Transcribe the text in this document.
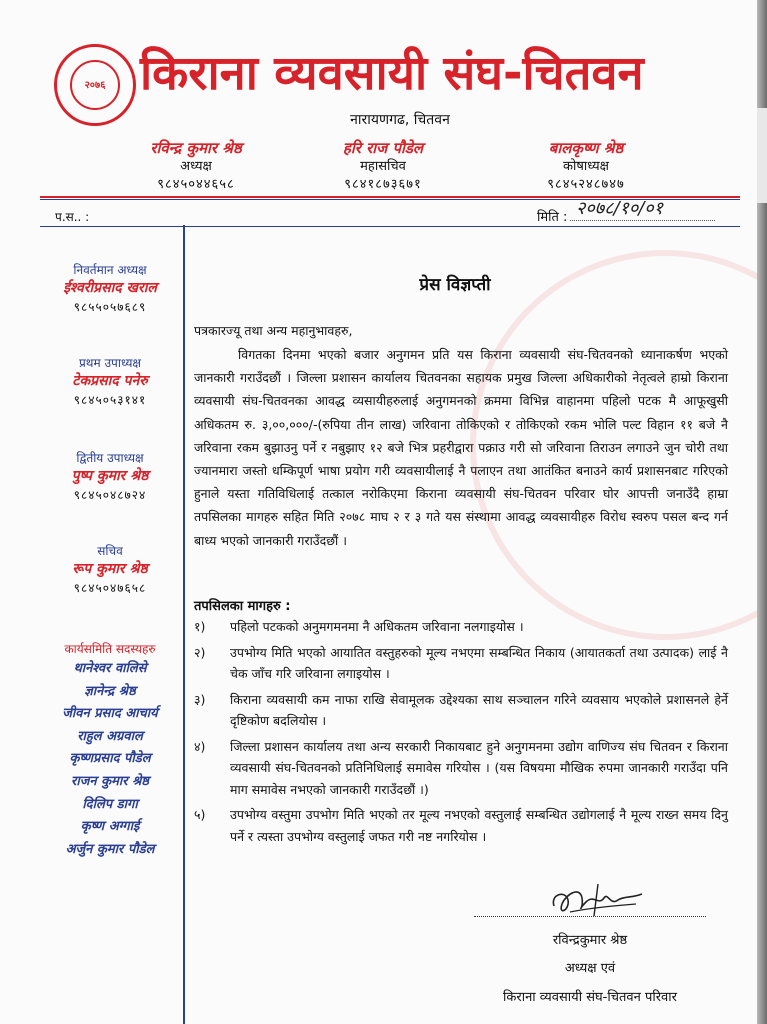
२०७६ किराना व्यवसायी संघ-चितवन
नारायणगढ, चितवन
रविन्द्र कुमार श्रेष्ठ
अध्यक्ष
९८४५०४४६५८
हरि राज पौडेल
महासचिव
९८४१८७३६७१
बालकृष्ण श्रेष्ठ
कोषाध्यक्ष
९८४५२४८७४७
प.स.. :	मिति : २०७८/१०/०१
निवर्तमान अध्यक्ष
ईश्वरीप्रसाद खराल
९८५५०५७६८९
प्रथम उपाध्यक्ष
टेकप्रसाद पनेरु
९८४५०५३१४१
द्वितीय उपाध्यक्ष
पुष्प कुमार श्रेष्ठ
९८४५०४८७२४
सचिव
रूप कुमार श्रेष्ठ
९८४५०४७६५८
कार्यसमिति सदस्यहरु
थानेश्वर वालिसे
ज्ञानेन्द्र श्रेष्ठ
जीवन प्रसाद आचार्य
राहुल अग्रवाल
कृष्णप्रसाद पौडेल
राजन कुमार श्रेष्ठ
दिलिप डागा
कृष्ण अग्गाई
अर्जुन कुमार पौडेल
प्रेस विज्ञप्ती
पत्रकारज्यू तथा अन्य महानुभावहरु,
विगतका दिनमा भएको बजार अनुगमन प्रति यस किराना व्यवसायी संघ-चितवनको ध्यानाकर्षण भएको जानकारी गराउँदछौं । जिल्ला प्रशासन कार्यालय चितवनका सहायक प्रमुख जिल्ला अधिकारीको नेतृत्वले हाम्रो किराना व्यवसायी संघ-चितवनका आवद्ध व्यसायीहरुलाई अनुगमनको क्रममा विभिन्न वाहानमा पहिलो पटक मै आफूखुसी अधिकतम रु. ३,००,०००/-(रुपिया तीन लाख) जरिवाना तोकिएको र तोकिएको रकम भोलि पल्ट विहान ११ बजे नै जरिवाना रकम बुझाउनु पर्ने र नबुझाए १२ बजे भित्र प्रहरीद्वारा पक्राउ गरी सो जरिवाना तिराउन लगाउने जुन चोरी तथा ज्यानमारा जस्तो धम्किपूर्ण भाषा प्रयोग गरी व्यवसायीलाई नै पलाएन तथा आतंकित बनाउने कार्य प्रशासनबाट गरिएको हुनाले यस्ता गतिविधिलाई तत्काल नरोकिएमा किराना व्यवसायी संघ-चितवन परिवार घोर आपत्ती जनाउँदै हाम्रा तपसिलका मागहरु सहित मिति २०७८ माघ २ र ३ गते यस संस्थामा आवद्ध व्यवसायीहरु विरोध स्वरुप पसल बन्द गर्न बाध्य भएको जानकारी गराउँदछौं ।
तपसिलका मागहरु :
१) पहिलो पटकको अनुमगमनमा नै अधिकतम जरिवाना नलगाइयोस ।
२) उपभोग्य मिति भएको आयातित वस्तुहरुको मूल्य नभएमा सम्बन्धित निकाय (आयातकर्ता तथा उत्पादक) लाई नै चेक जाँच गरि जरिवाना लगाइयोस ।
३) किराना व्यवसायी कम नाफा राखि सेवामूलक उद्देश्यका साथ सञ्चालन गरिने व्यवसाय भएकोले प्रशासनले हेर्ने दृष्टिकोण बदलियोस ।
४) जिल्ला प्रशासन कार्यालय तथा अन्य सरकारी निकायबाट हुने अनुगमनमा उद्योग वाणिज्य संघ चितवन र किराना व्यवसायी संघ-चितवनको प्रतिनिधिलाई समावेस गरियोस । (यस विषयमा मौखिक रुपमा जानकारी गराउँदा पनि माग समावेस नभएको जानकारी गराउँदछौं ।)
५) उपभोग्य वस्तुमा उपभोग मिति भएको तर मूल्य नभएको वस्तुलाई सम्बन्धित उद्योगलाई नै मूल्य राख्न समय दिनु पर्ने र त्यस्ता उपभोग्य वस्तुलाई जफत गरी नष्ट नगरियोस ।
रविन्द्रकुमार श्रेष्ठ
अध्यक्ष एवं
किराना व्यवसायी संघ-चितवन परिवार
